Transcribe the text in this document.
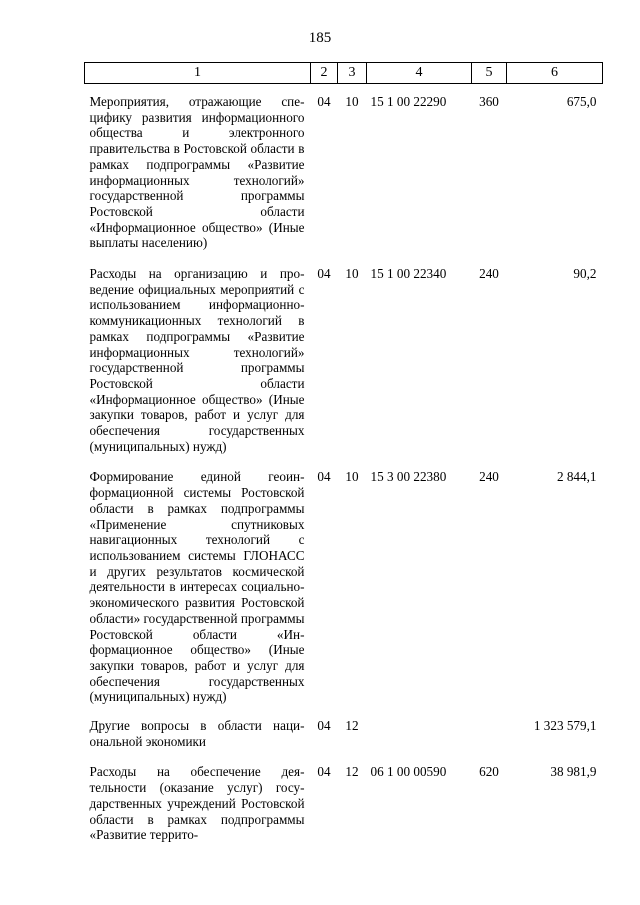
185
1	2	3	4	5	6
Мероприятия, отражающие специфику развития информационного общества и электронного правительства в Ростовской области в рамках подпрограммы «Развитие информационных технологий» государственной программы Ростовской области «Информационное общество» (Иные выплаты населению)	04	10	15 1 00 22290	360	675,0
Расходы на организацию и проведение официальных мероприятий с использованием информационно-коммуникационных технологий в рамках подпрограммы «Развитие информационных технологий» государственной программы Ростовской области «Информационное общество» (Иные закупки товаров, работ и услуг для обеспечения государственных (муниципальных) нужд)	04	10	15 1 00 22340	240	90,2
Формирование единой геоинформационной системы Ростовской области в рамках подпрограммы «Применение спутниковых навигационных технологий с использованием системы ГЛОНАСС и других результатов космической деятельности в интересах социально-экономического развития Ростовской области» государственной программы Ростовской области «Информационное общество» (Иные закупки товаров, работ и услуг для обеспечения государственных (муниципальных) нужд)	04	10	15 3 00 22380	240	2 844,1
Другие вопросы в области национальной экономики	04	12			1 323 579,1
Расходы на обеспечение деятельности (оказание услуг) государственных учреждений Ростовской области в рамках подпрограммы «Развитие террито-	04	12	06 1 00 00590	620	38 981,9
